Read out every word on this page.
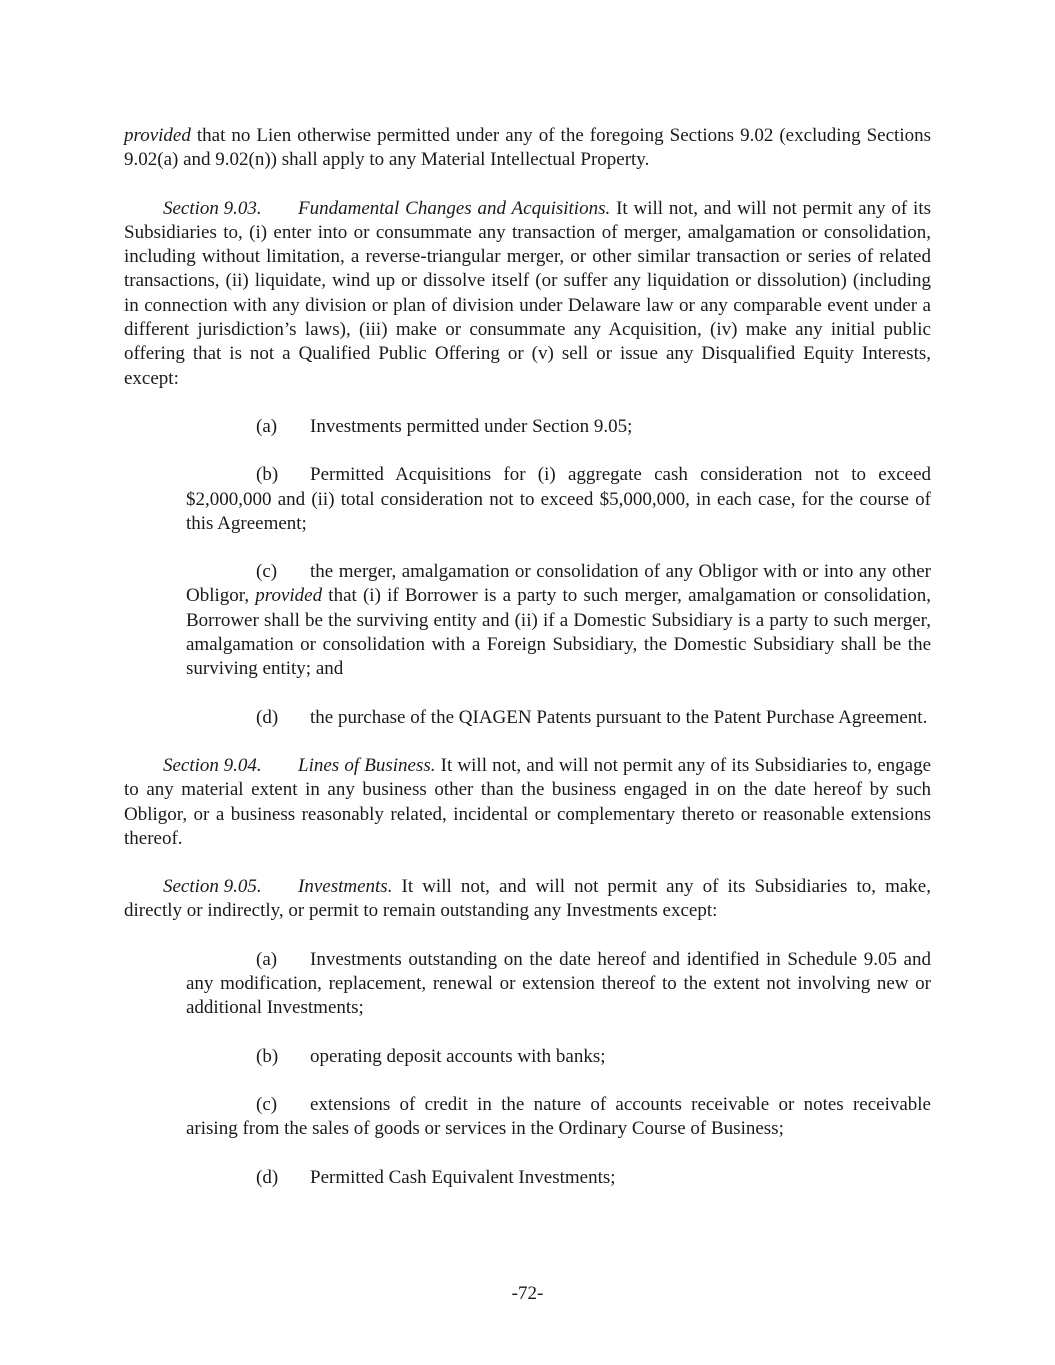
provided that no Lien otherwise permitted under any of the foregoing Sections 9.02 (excluding Sections 9.02(a) and 9.02(n)) shall apply to any Material Intellectual Property.

Section 9.03. Fundamental Changes and Acquisitions. It will not, and will not permit any of its Subsidiaries to, (i) enter into or consummate any transaction of merger, amalgamation or consolidation, including without limitation, a reverse-triangular merger, or other similar transaction or series of related transactions, (ii) liquidate, wind up or dissolve itself (or suffer any liquidation or dissolution) (including in connection with any division or plan of division under Delaware law or any comparable event under a different jurisdiction’s laws), (iii) make or consummate any Acquisition, (iv) make any initial public offering that is not a Qualified Public Offering or (v) sell or issue any Disqualified Equity Interests, except:

(a) Investments permitted under Section 9.05;

(b) Permitted Acquisitions for (i) aggregate cash consideration not to exceed $2,000,000 and (ii) total consideration not to exceed $5,000,000, in each case, for the course of this Agreement;

(c) the merger, amalgamation or consolidation of any Obligor with or into any other Obligor, provided that (i) if Borrower is a party to such merger, amalgamation or consolidation, Borrower shall be the surviving entity and (ii) if a Domestic Subsidiary is a party to such merger, amalgamation or consolidation with a Foreign Subsidiary, the Domestic Subsidiary shall be the surviving entity; and

(d) the purchase of the QIAGEN Patents pursuant to the Patent Purchase Agreement.

Section 9.04. Lines of Business. It will not, and will not permit any of its Subsidiaries to, engage to any material extent in any business other than the business engaged in on the date hereof by such Obligor, or a business reasonably related, incidental or complementary thereto or reasonable extensions thereof.

Section 9.05. Investments. It will not, and will not permit any of its Subsidiaries to, make, directly or indirectly, or permit to remain outstanding any Investments except:

(a) Investments outstanding on the date hereof and identified in Schedule 9.05 and any modification, replacement, renewal or extension thereof to the extent not involving new or additional Investments;

(b) operating deposit accounts with banks;

(c) extensions of credit in the nature of accounts receivable or notes receivable arising from the sales of goods or services in the Ordinary Course of Business;

(d) Permitted Cash Equivalent Investments;

-72-
